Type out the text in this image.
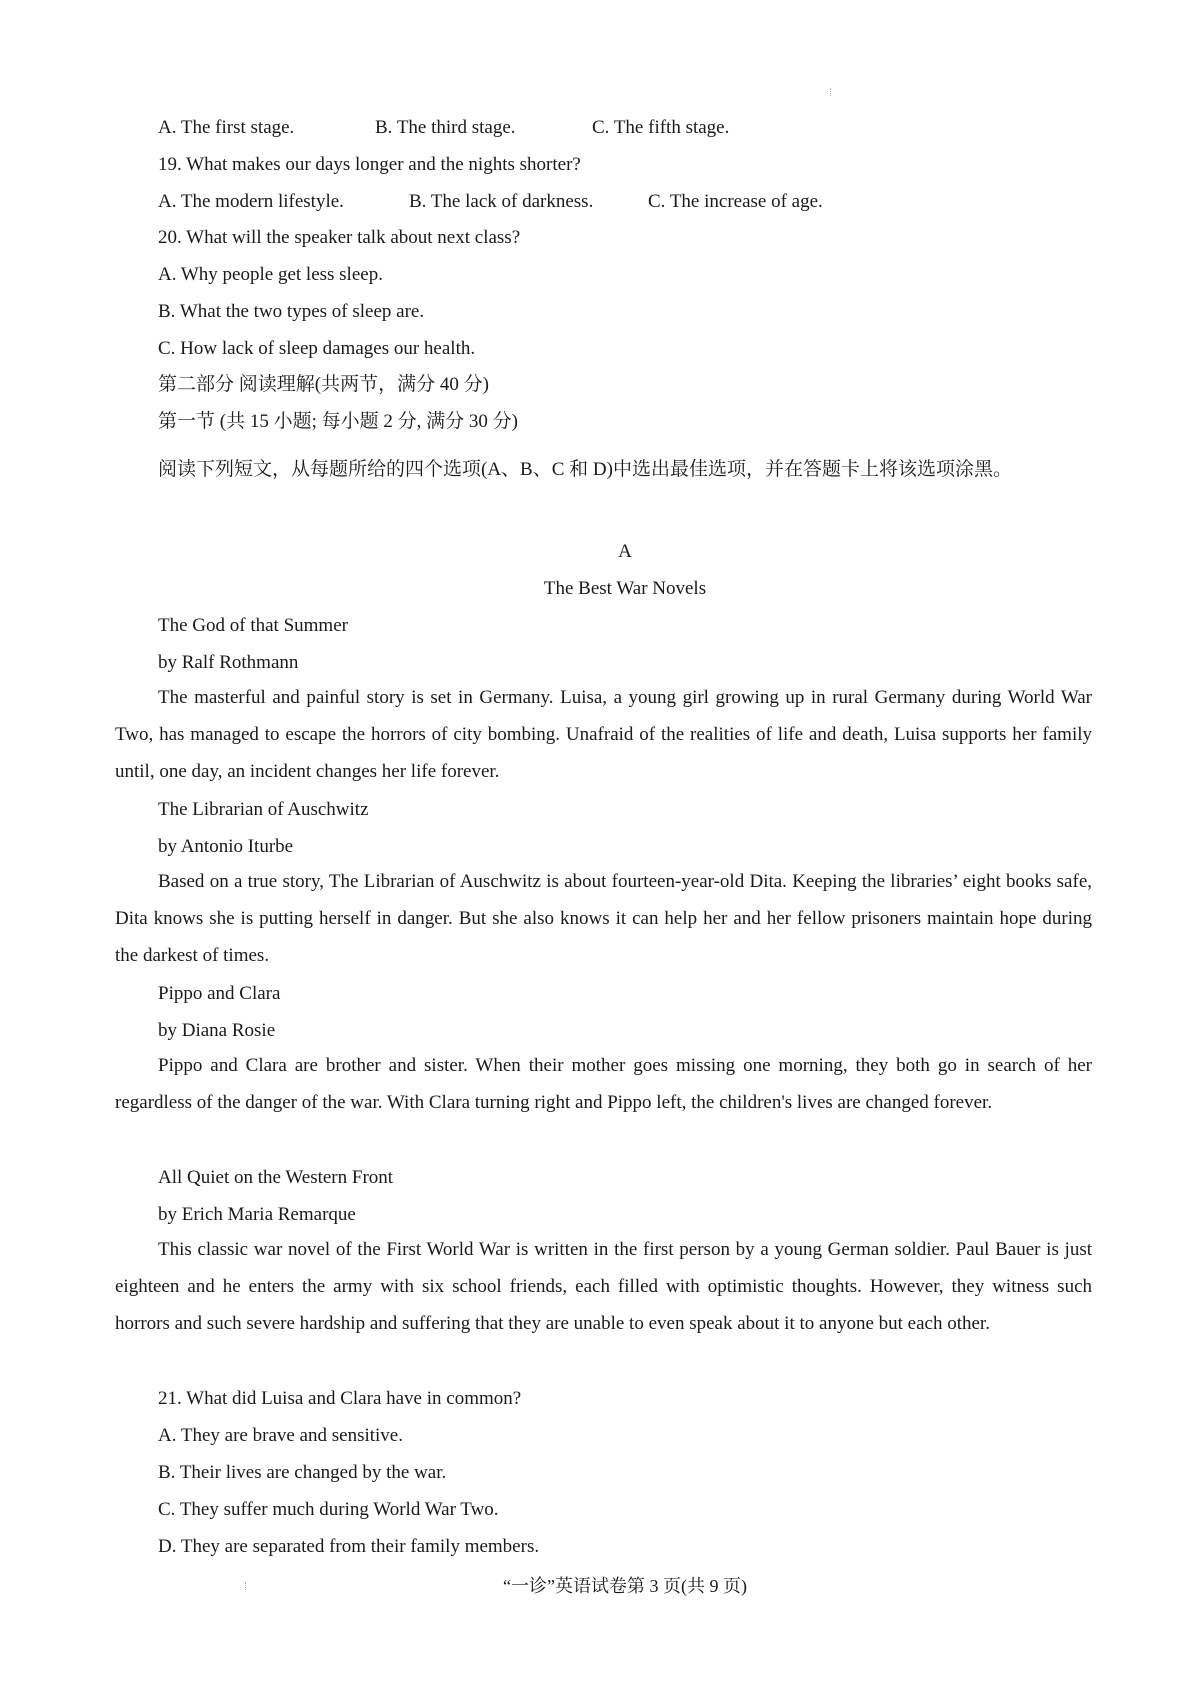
A. The first stage.	B. The third stage.	C. The fifth stage.
19. What makes our days longer and the nights shorter?
A. The modern lifestyle.	B. The lack of darkness.	C. The increase of age.
20. What will the speaker talk about next class?
A. Why people get less sleep.
B. What the two types of sleep are.
C. How lack of sleep damages our health.
第二部分 阅读理解(共两节，满分 40 分)
第一节 (共 15 小题; 每小题 2 分, 满分 30 分)
阅读下列短文，从每题所给的四个选项(A、B、C 和 D)中选出最佳选项，并在答题卡上将该选项涂黑。
A
The Best War Novels
The God of that Summer
by Ralf Rothmann
The masterful and painful story is set in Germany. Luisa, a young girl growing up in rural Germany during World War Two, has managed to escape the horrors of city bombing. Unafraid of the realities of life and death, Luisa supports her family until, one day, an incident changes her life forever.
The Librarian of Auschwitz
by Antonio Iturbe
Based on a true story, The Librarian of Auschwitz is about fourteen-year-old Dita. Keeping the libraries’ eight books safe, Dita knows she is putting herself in danger. But she also knows it can help her and her fellow prisoners maintain hope during the darkest of times.
Pippo and Clara
by Diana Rosie
Pippo and Clara are brother and sister. When their mother goes missing one morning, they both go in search of her regardless of the danger of the war. With Clara turning right and Pippo left, the children's lives are changed forever.
All Quiet on the Western Front
by Erich Maria Remarque
This classic war novel of the First World War is written in the first person by a young German soldier. Paul Bauer is just eighteen and he enters the army with six school friends, each filled with optimistic thoughts. However, they witness such horrors and such severe hardship and suffering that they are unable to even speak about it to anyone but each other.
21. What did Luisa and Clara have in common?
A. They are brave and sensitive.
B. Their lives are changed by the war.
C. They suffer much during World War Two.
D. They are separated from their family members.
“一诊”英语试卷第 3 页(共 9 页)
